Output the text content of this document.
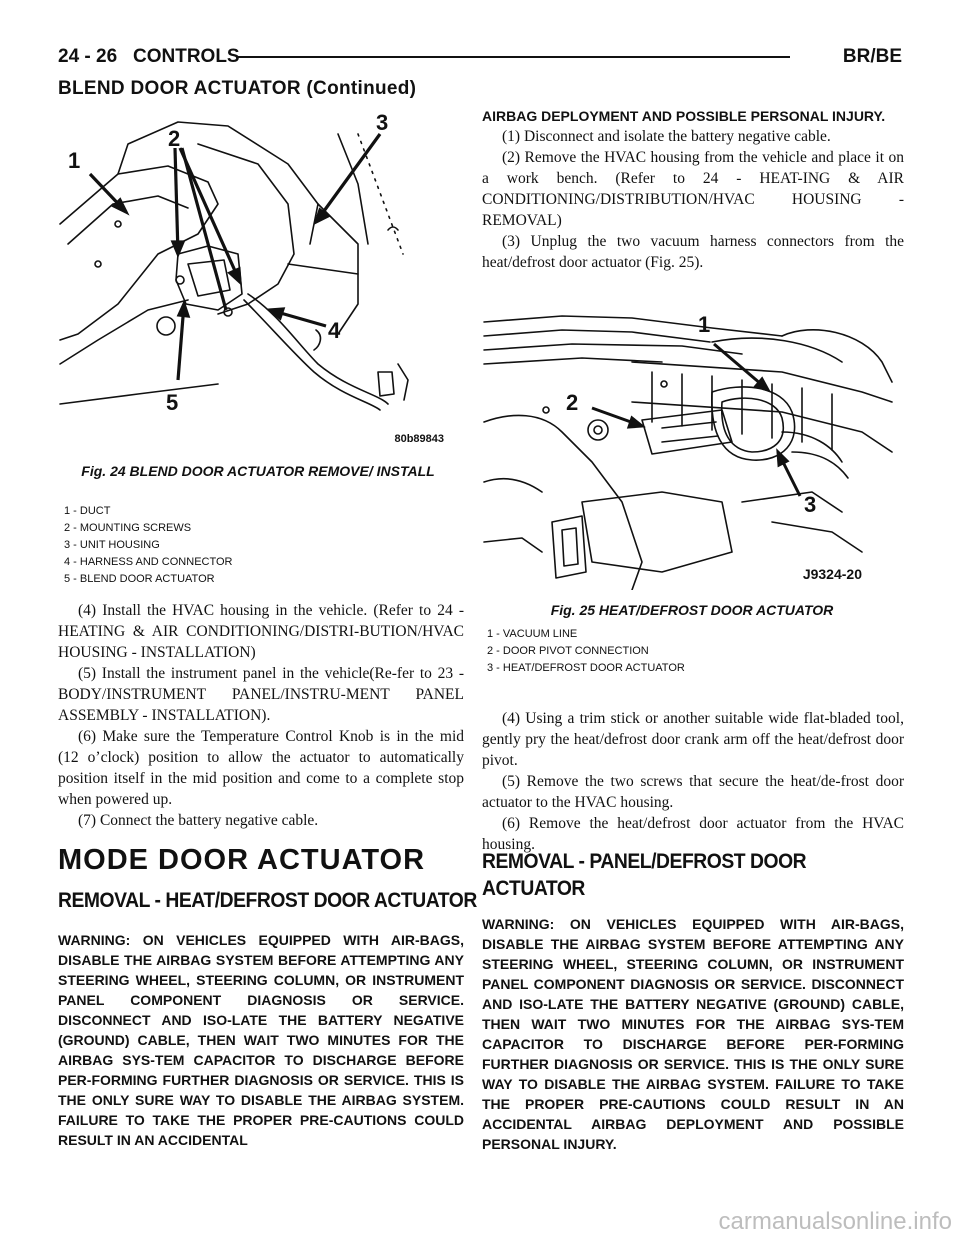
24 - 26 CONTROLS	BR/BE
BLEND DOOR ACTUATOR (Continued)
1
2
3
4
5
80b89843
Fig. 24 BLEND DOOR ACTUATOR REMOVE/ INSTALL
1 - DUCT
2 - MOUNTING SCREWS
3 - UNIT HOUSING
4 - HARNESS AND CONNECTOR
5 - BLEND DOOR ACTUATOR

(4) Install the HVAC housing in the vehicle. (Refer to 24 - HEATING & AIR CONDITIONING/DISTRI-BUTION/HVAC HOUSING - INSTALLATION)

(5) Install the instrument panel in the vehicle(Re-fer to 23 - BODY/INSTRUMENT PANEL/INSTRU-MENT PANEL ASSEMBLY - INSTALLATION).

(6) Make sure the Temperature Control Knob is in the mid (12 o’clock) position to allow the actuator to automatically position itself in the mid position and come to a complete stop when powered up.

(7) Connect the battery negative cable.

MODE DOOR ACTUATOR
REMOVAL - HEAT/DEFROST DOOR ACTUATOR

WARNING: ON VEHICLES EQUIPPED WITH AIR-BAGS, DISABLE THE AIRBAG SYSTEM BEFORE ATTEMPTING ANY STEERING WHEEL, STEERING COLUMN, OR INSTRUMENT PANEL COMPONENT DIAGNOSIS OR SERVICE. DISCONNECT AND ISO-LATE THE BATTERY NEGATIVE (GROUND) CABLE, THEN WAIT TWO MINUTES FOR THE AIRBAG SYS-TEM CAPACITOR TO DISCHARGE BEFORE PER-FORMING FURTHER DIAGNOSIS OR SERVICE. THIS IS THE ONLY SURE WAY TO DISABLE THE AIRBAG SYSTEM. FAILURE TO TAKE THE PROPER PRE-CAUTIONS COULD RESULT IN AN ACCIDENTAL

AIRBAG DEPLOYMENT AND POSSIBLE PERSONAL INJURY.

(1) Disconnect and isolate the battery negative cable.

(2) Remove the HVAC housing from the vehicle and place it on a work bench. (Refer to 24 - HEAT-ING & AIR CONDITIONING/DISTRIBUTION/HVAC HOUSING - REMOVAL)

(3) Unplug the two vacuum harness connectors from the heat/defrost door actuator (Fig. 25).

1
2
3
J9324-20
Fig. 25 HEAT/DEFROST DOOR ACTUATOR
1 - VACUUM LINE
2 - DOOR PIVOT CONNECTION
3 - HEAT/DEFROST DOOR ACTUATOR

(4) Using a trim stick or another suitable wide flat-bladed tool, gently pry the heat/defrost door crank arm off the heat/defrost door pivot.

(5) Remove the two screws that secure the heat/de-frost door actuator to the HVAC housing.

(6) Remove the heat/defrost door actuator from the HVAC housing.

REMOVAL - PANEL/DEFROST DOOR
ACTUATOR

WARNING: ON VEHICLES EQUIPPED WITH AIR-BAGS, DISABLE THE AIRBAG SYSTEM BEFORE ATTEMPTING ANY STEERING WHEEL, STEERING COLUMN, OR INSTRUMENT PANEL COMPONENT DIAGNOSIS OR SERVICE. DISCONNECT AND ISO-LATE THE BATTERY NEGATIVE (GROUND) CABLE, THEN WAIT TWO MINUTES FOR THE AIRBAG SYS-TEM CAPACITOR TO DISCHARGE BEFORE PER-FORMING FURTHER DIAGNOSIS OR SERVICE. THIS IS THE ONLY SURE WAY TO DISABLE THE AIRBAG SYSTEM. FAILURE TO TAKE THE PROPER PRE-CAUTIONS COULD RESULT IN AN ACCIDENTAL AIRBAG DEPLOYMENT AND POSSIBLE PERSONAL INJURY.

carmanualsonline.info
